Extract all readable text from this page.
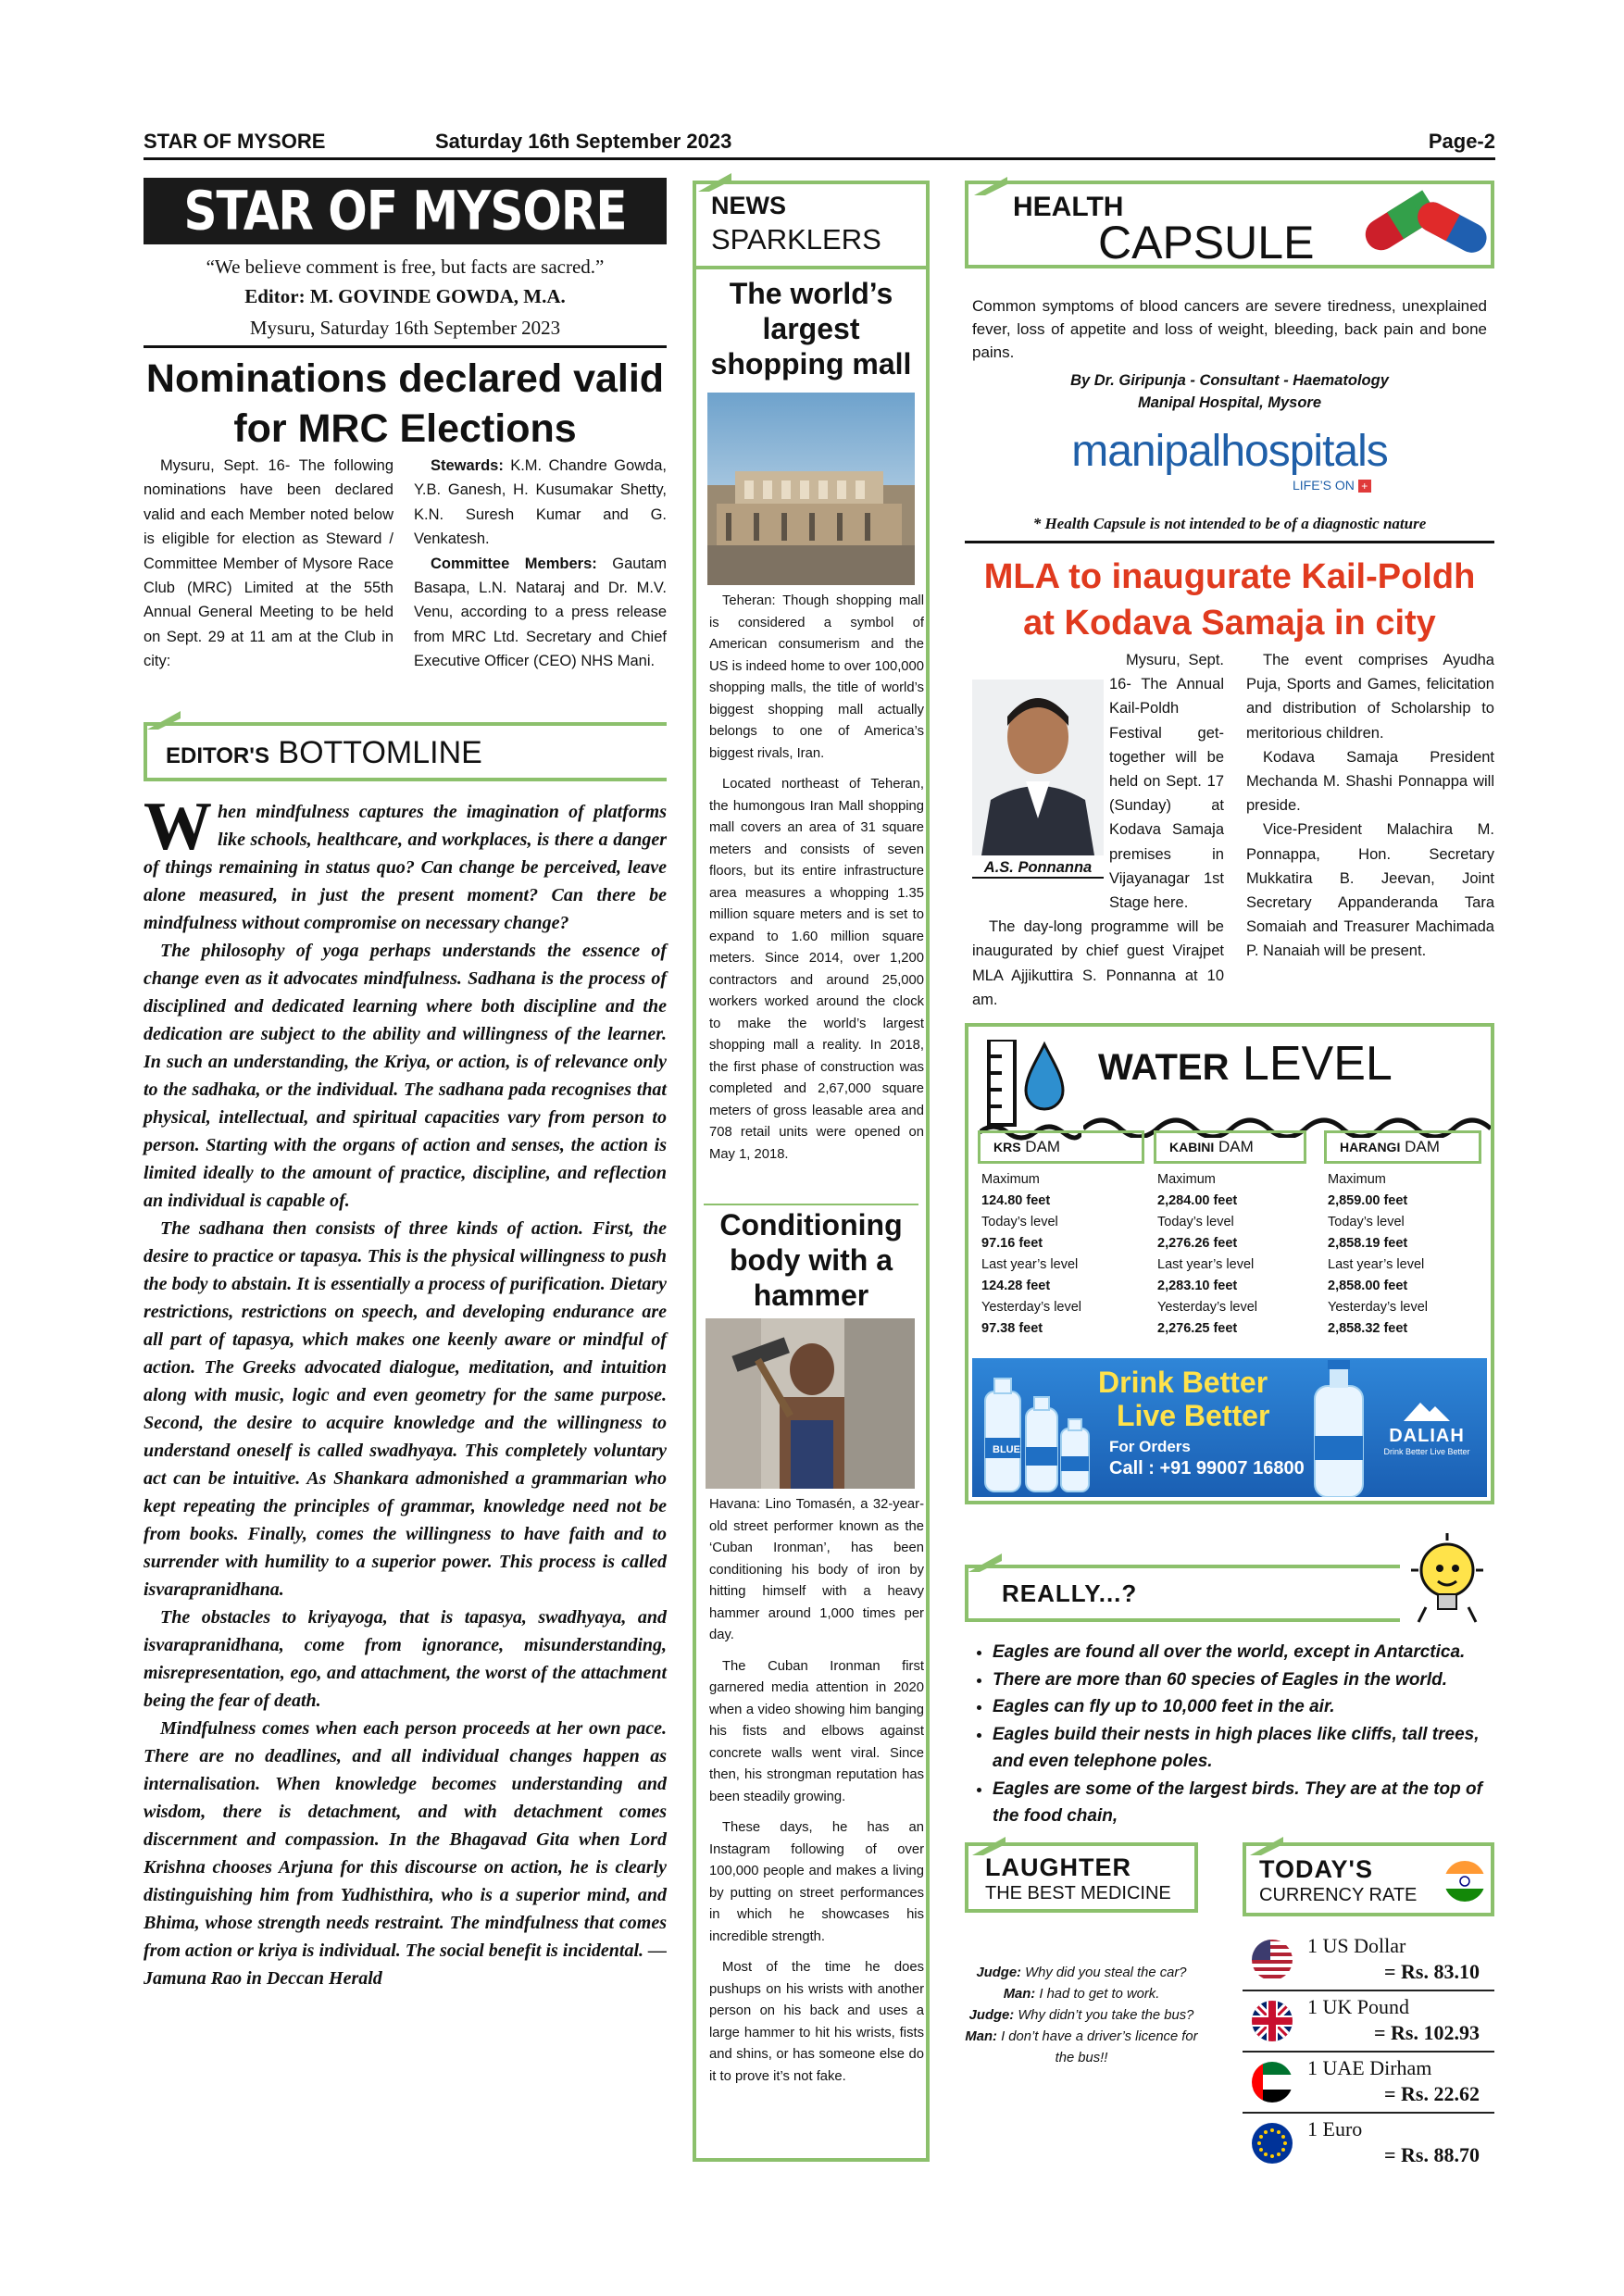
STAR OF MYSORE	Saturday 16th September 2023	Page-2
STAR OF MYSORE
“We believe comment is free, but facts are sacred.”
Editor: M. GOVINDE GOWDA, M.A.
Mysuru, Saturday 16th September 2023
Nominations declared valid for MRC Elections

Mysuru, Sept. 16- The following nominations have been declared valid and each Member noted below is eligible for election as Steward / Committee Member of Mysore Race Club (MRC) Limited at the 55th Annual General Meeting to be held on Sept. 29 at 11 am at the Club in city:

Stewards: K.M. Chandre Gowda, Y.B. Ganesh, H. Kusumakar Shetty, K.N. Suresh Kumar and G. Venkatesh.

Committee Members: Gautam Basapa, L.N. Nataraj and Dr. M.V. Venu, according to a press release from MRC Ltd. Secretary and Chief Executive Officer (CEO) NHS Mani.

EDITOR'S BOTTOMLINE

When mindfulness captures the imagination of platforms like schools, healthcare, and workplaces, is there a danger of things remaining in status quo? Can change be perceived, leave alone measured, in just the present moment? Can there be mindfulness without compromise on necessary change?

The philosophy of yoga perhaps understands the essence of change even as it advocates mindfulness. Sadhana is the process of disciplined and dedicated learning where both discipline and the dedication are subject to the ability and willingness of the learner. In such an understanding, the Kriya, or action, is of relevance only to the sadhaka, or the individual. The sadhana pada recognises that physical, intellectual, and spiritual capacities vary from person to person. Starting with the organs of action and senses, the action is limited ideally to the amount of practice, discipline, and reflection an individual is capable of.

The sadhana then consists of three kinds of action. First, the desire to practice or tapasya. This is the physical willingness to push the body to abstain. It is essentially a process of purification. Dietary restrictions, restrictions on speech, and developing endurance are all part of tapasya, which makes one keenly aware or mindful of action. The Greeks advocated dialogue, meditation, and intuition along with music, logic and even geometry for the same purpose. Second, the desire to acquire knowledge and the willingness to understand oneself is called swadhyaya. This completely voluntary act can be intuitive. As Shankara admonished a grammarian who kept repeating the principles of grammar, knowledge need not be from books. Finally, comes the willingness to have faith and to surrender with humility to a superior power. This process is called isvarapranidhana.

The obstacles to kriyayoga, that is tapasya, swadhyaya, and isvarapranidhana, come from ignorance, misunderstanding, misrepresentation, ego, and attachment, the worst of the attachment being the fear of death.

Mindfulness comes when each person proceeds at her own pace. There are no deadlines, and all individual changes happen as internalisation. When knowledge becomes understanding and wisdom, there is detachment, and with detachment comes discernment and compassion. In the Bhagavad Gita when Lord Krishna chooses Arjuna for this discourse on action, he is clearly distinguishing him from Yudhisthira, who is a superior mind, and Bhima, whose strength needs restraint. The mindfulness that comes from action or kriya is individual. The social benefit is incidental. — Jamuna Rao in Deccan Herald

NEWS
SPARKLERS
The world’s largest shopping mall

Teheran: Though shopping mall is considered a symbol of American consumerism and the US is indeed home to over 100,000 shopping malls, the title of world’s biggest shopping mall actually belongs to one of America’s biggest rivals, Iran.

Located northeast of Teheran, the humongous Iran Mall shopping mall covers an area of 31 square meters and consists of seven floors, but its entire infrastructure area measures a whopping 1.35 million square meters and is set to expand to 1.60 million square meters. Since 2014, over 1,200 contractors and around 25,000 workers worked around the clock to make the world’s largest shopping mall a reality. In 2018, the first phase of construction was completed and 2,67,000 square meters of gross leasable area and 708 retail units were opened on May 1, 2018.

Conditioning body with a hammer

Havana: Lino Tomasén, a 32-year-old street performer known as the ‘Cuban Ironman’, has been conditioning his body of iron by hitting himself with a heavy hammer around 1,000 times per day.

The Cuban Ironman first garnered media attention in 2020 when a video showing him banging his fists and elbows against concrete walls went viral. Since then, his strongman reputation has been steadily growing.

These days, he has an Instagram following of over 100,000 people and makes a living by putting on street performances in which he showcases his incredible strength.

Most of the time he does pushups on his wrists with another person on his back and uses a large hammer to hit his wrists, fists and shins, or has someone else do it to prove it’s not fake.

HEALTH
CAPSULE
Common symptoms of blood cancers are severe tiredness, unexplained fever, loss of appetite and loss of weight, bleeding, back pain and bone pains.
By Dr. Giripunja - Consultant - Haematology
Manipal Hospital, Mysore
manipalhospitals
LIFE’S ON +
* Health Capsule is not intended to be of a diagnostic nature
MLA to inaugurate Kail-Poldh at Kodava Samaja in city
A.S. Ponnanna

Mysuru, Sept. 16- The Annual Kail-Poldh Festival get-together will be held on Sept. 17 (Sunday) at Kodava Samaja premises in Vijayanagar 1st Stage here.

The day-long programme will be inaugurated by chief guest Virajpet MLA Ajjikuttira S. Ponnanna at 10 am.

The event comprises Ayudha Puja, Sports and Games, felicitation and distribution of Scholarship to meritorious children.

Kodava Samaja President Mechanda M. Shashi Ponnappa will preside.

Vice-President Malachira M. Ponnappa, Hon. Secretary Mukkatira B. Jeevan, Joint Secretary Appanderanda Tara Somaiah and Treasurer Machimada P. Nanaiah will be present.

WATER LEVEL
KRS DAM
Maximum
124.80 feet
Today’s level
97.16 feet
Last year’s level
124.28 feet
Yesterday’s level
97.38 feet
KABINI DAM
Maximum
2,284.00 feet
Today’s level
2,276.26 feet
Last year’s level
2,283.10 feet
Yesterday’s level
2,276.25 feet
HARANGI DAM
Maximum
2,859.00 feet
Today’s level
2,858.19 feet
Last year’s level
2,858.00 feet
Yesterday’s level
2,858.32 feet
BLUE
Drink Better
Live Better
For Orders
Call : +91 99007 16800
DALIAH
Drink Better Live Better
REALLY...?
• Eagles are found all over the world, except in Antarctica.
• There are more than 60 species of Eagles in the world.
• Eagles can fly up to 10,000 feet in the air.
• Eagles build their nests in high places like cliffs, tall trees, and even telephone poles.
• Eagles are some of the largest birds. They are at the top of the food chain,
LAUGHTER
THE BEST MEDICINE
Judge: Why did you steal the car?
Man: I had to get to work.
Judge: Why didn’t you take the bus?
Man: I don’t have a driver’s licence for the bus!!
TODAY'S
CURRENCY RATE
1 US Dollar
= Rs. 83.10
1 UK Pound
= Rs. 102.93
1 UAE Dirham
= Rs. 22.62
1 Euro
= Rs. 88.70
